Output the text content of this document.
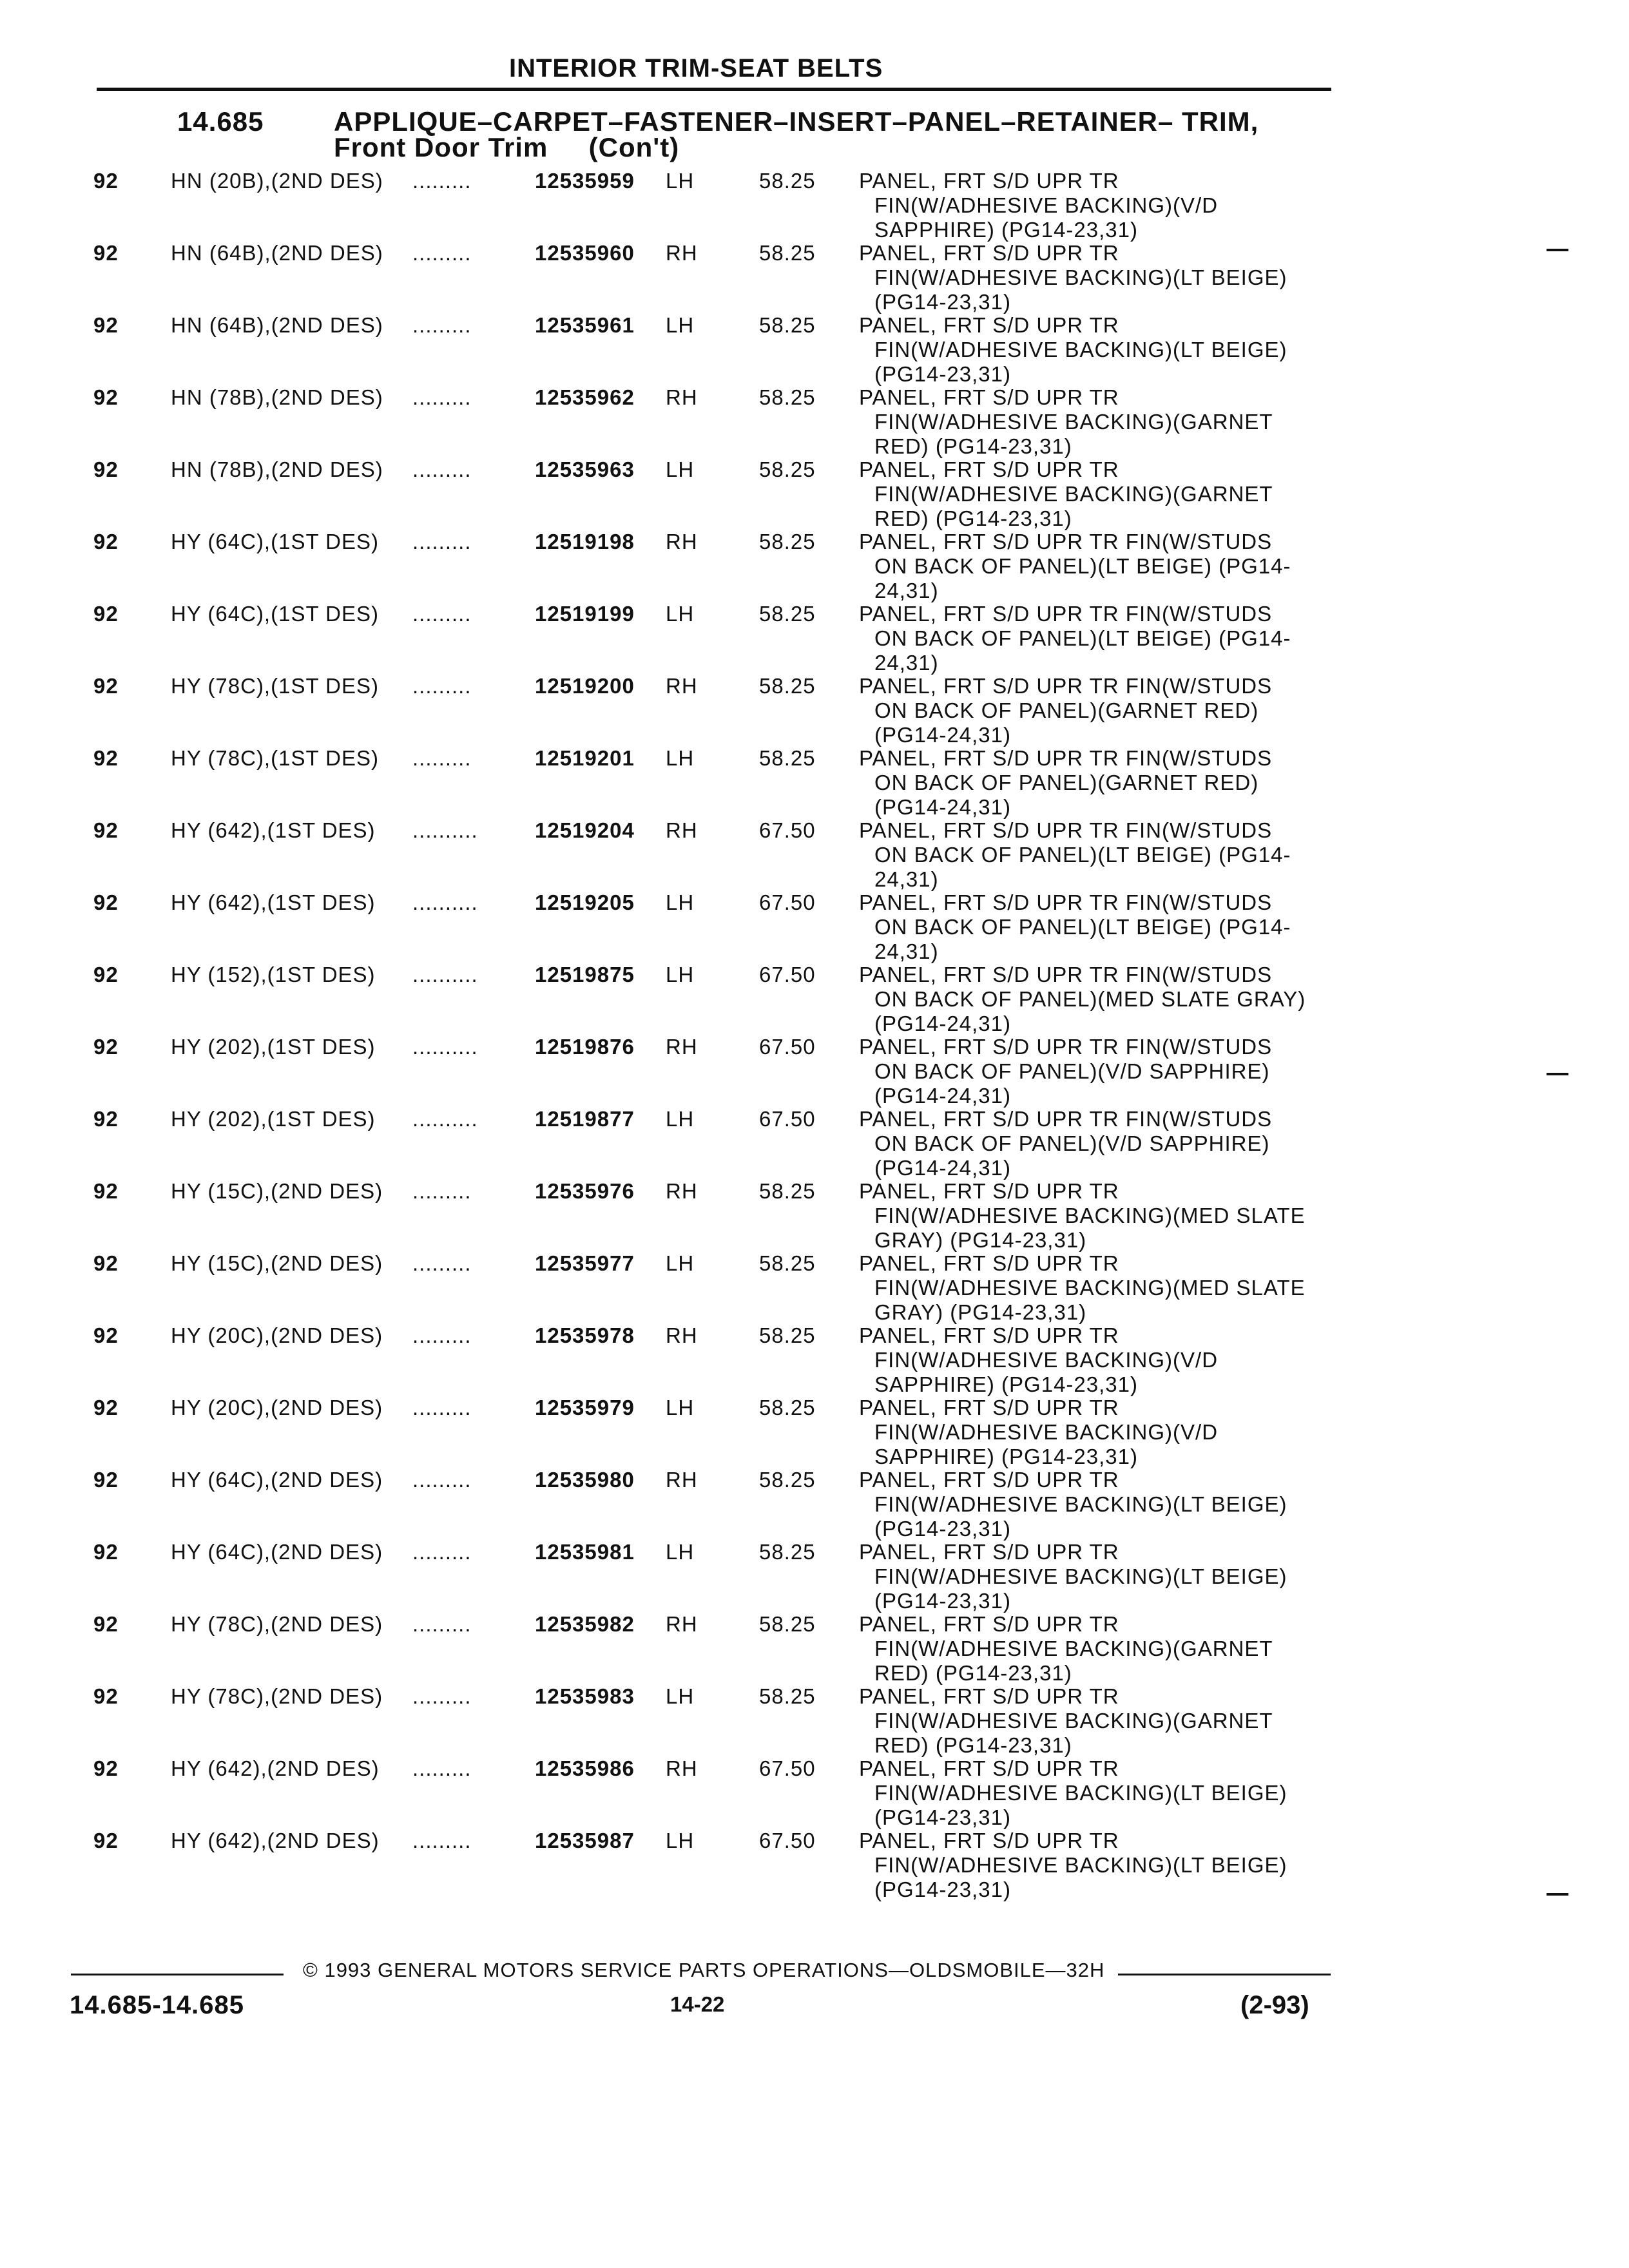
INTERIOR TRIM-SEAT BELTS
14.685	APPLIQUE–CARPET–FASTENER–INSERT–PANEL–RETAINER– TRIM,
Front Door Trim     (Con't)
92 HN (20B),(2ND DES) .........	12535959 LH	58.25 PANEL, FRT S/D UPR TR
FIN(W/ADHESIVE BACKING)(V/D
SAPPHIRE) (PG14-23,31)
92 HN (64B),(2ND DES) .........	12535960 RH	58.25 PANEL, FRT S/D UPR TR
FIN(W/ADHESIVE BACKING)(LT BEIGE)
(PG14-23,31)
92 HN (64B),(2ND DES) .........	12535961 LH	58.25 PANEL, FRT S/D UPR TR
FIN(W/ADHESIVE BACKING)(LT BEIGE)
(PG14-23,31)
92 HN (78B),(2ND DES) .........	12535962 RH	58.25 PANEL, FRT S/D UPR TR
FIN(W/ADHESIVE BACKING)(GARNET
RED) (PG14-23,31)
92 HN (78B),(2ND DES) .........	12535963 LH	58.25 PANEL, FRT S/D UPR TR
FIN(W/ADHESIVE BACKING)(GARNET
RED) (PG14-23,31)
92 HY (64C),(1ST DES) .........	12519198 RH	58.25 PANEL, FRT S/D UPR TR FIN(W/STUDS
ON BACK OF PANEL)(LT BEIGE) (PG14-
24,31)
92 HY (64C),(1ST DES) .........	12519199 LH	58.25 PANEL, FRT S/D UPR TR FIN(W/STUDS
ON BACK OF PANEL)(LT BEIGE) (PG14-
24,31)
92 HY (78C),(1ST DES) .........	12519200 RH	58.25 PANEL, FRT S/D UPR TR FIN(W/STUDS
ON BACK OF PANEL)(GARNET RED)
(PG14-24,31)
92 HY (78C),(1ST DES) .........	12519201 LH	58.25 PANEL, FRT S/D UPR TR FIN(W/STUDS
ON BACK OF PANEL)(GARNET RED)
(PG14-24,31)
92 HY (642),(1ST DES) ..........	12519204 RH	67.50 PANEL, FRT S/D UPR TR FIN(W/STUDS
ON BACK OF PANEL)(LT BEIGE) (PG14-
24,31)
92 HY (642),(1ST DES) ..........	12519205 LH	67.50 PANEL, FRT S/D UPR TR FIN(W/STUDS
ON BACK OF PANEL)(LT BEIGE) (PG14-
24,31)
92 HY (152),(1ST DES) ..........	12519875 LH	67.50 PANEL, FRT S/D UPR TR FIN(W/STUDS
ON BACK OF PANEL)(MED SLATE GRAY)
(PG14-24,31)
92 HY (202),(1ST DES) ..........	12519876 RH	67.50 PANEL, FRT S/D UPR TR FIN(W/STUDS
ON BACK OF PANEL)(V/D SAPPHIRE)
(PG14-24,31)
92 HY (202),(1ST DES) ..........	12519877 LH	67.50 PANEL, FRT S/D UPR TR FIN(W/STUDS
ON BACK OF PANEL)(V/D SAPPHIRE)
(PG14-24,31)
92 HY (15C),(2ND DES) .........	12535976 RH	58.25 PANEL, FRT S/D UPR TR
FIN(W/ADHESIVE BACKING)(MED SLATE
GRAY) (PG14-23,31)
92 HY (15C),(2ND DES) .........	12535977 LH	58.25 PANEL, FRT S/D UPR TR
FIN(W/ADHESIVE BACKING)(MED SLATE
GRAY) (PG14-23,31)
92 HY (20C),(2ND DES) .........	12535978 RH	58.25 PANEL, FRT S/D UPR TR
FIN(W/ADHESIVE BACKING)(V/D
SAPPHIRE) (PG14-23,31)
92 HY (20C),(2ND DES) .........	12535979 LH	58.25 PANEL, FRT S/D UPR TR
FIN(W/ADHESIVE BACKING)(V/D
SAPPHIRE) (PG14-23,31)
92 HY (64C),(2ND DES) .........	12535980 RH	58.25 PANEL, FRT S/D UPR TR
FIN(W/ADHESIVE BACKING)(LT BEIGE)
(PG14-23,31)
92 HY (64C),(2ND DES) .........	12535981 LH	58.25 PANEL, FRT S/D UPR TR
FIN(W/ADHESIVE BACKING)(LT BEIGE)
(PG14-23,31)
92 HY (78C),(2ND DES) .........	12535982 RH	58.25 PANEL, FRT S/D UPR TR
FIN(W/ADHESIVE BACKING)(GARNET
RED) (PG14-23,31)
92 HY (78C),(2ND DES) .........	12535983 LH	58.25 PANEL, FRT S/D UPR TR
FIN(W/ADHESIVE BACKING)(GARNET
RED) (PG14-23,31)
92 HY (642),(2ND DES) .........	12535986 RH	67.50 PANEL, FRT S/D UPR TR
FIN(W/ADHESIVE BACKING)(LT BEIGE)
(PG14-23,31)
92 HY (642),(2ND DES) .........	12535987 LH	67.50 PANEL, FRT S/D UPR TR
FIN(W/ADHESIVE BACKING)(LT BEIGE)
(PG14-23,31)
© 1993 GENERAL MOTORS SERVICE PARTS OPERATIONS—OLDSMOBILE—32H
14.685-14.685	14-22	(2-93)
